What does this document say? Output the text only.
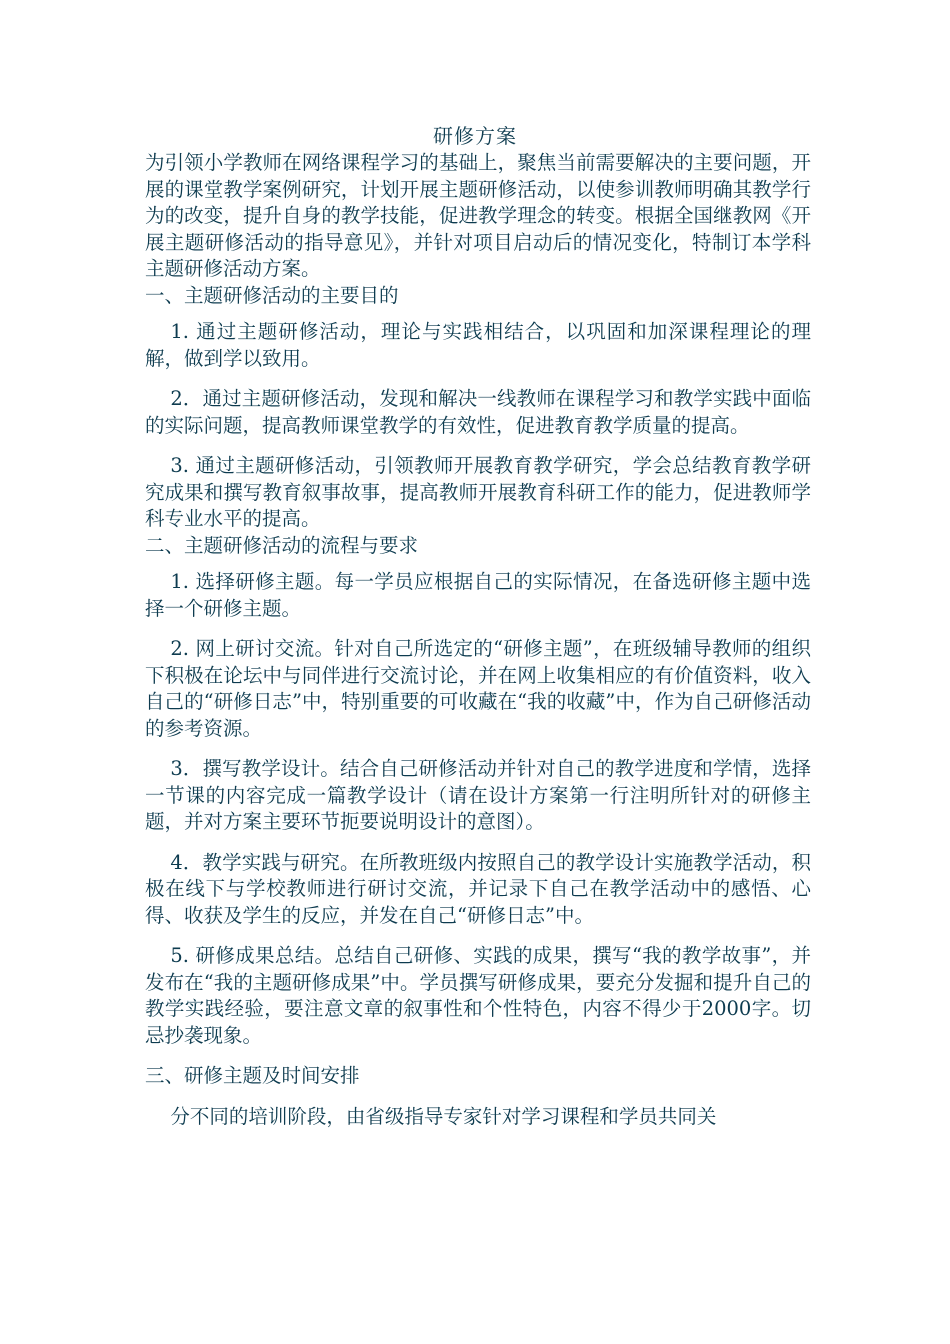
研修方案

为引领小学教师在网络课程学习的基础上，聚焦当前需要解决的主要问题，开展的课堂教学案例研究，计划开展主题研修活动，以使参训教师明确其教学行为的改变，提升自身的教学技能，促进教学理念的转变。根据全国继教网《开展主题研修活动的指导意见》，并针对项目启动后的情况变化，特制订本学科主题研修活动方案。

一、主题研修活动的主要目的

1. 通过主题研修活动，理论与实践相结合，以巩固和加深课程理论的理解，做到学以致用。

2．通过主题研修活动，发现和解决一线教师在课程学习和教学实践中面临的实际问题，提高教师课堂教学的有效性，促进教育教学质量的提高。

3. 通过主题研修活动，引领教师开展教育教学研究，学会总结教育教学研究成果和撰写教育叙事故事，提高教师开展教育科研工作的能力，促进教师学科专业水平的提高。

二、主题研修活动的流程与要求

1. 选择研修主题。每一学员应根据自己的实际情况，在备选研修主题中选择一个研修主题。

2. 网上研讨交流。针对自己所选定的“研修主题”，在班级辅导教师的组织下积极在论坛中与同伴进行交流讨论，并在网上收集相应的有价值资料，收入自己的“研修日志”中，特别重要的可收藏在“我的收藏”中，作为自己研修活动的参考资源。

3．撰写教学设计。结合自己研修活动并针对自己的教学进度和学情，选择一节课的内容完成一篇教学设计（请在设计方案第一行注明所针对的研修主题，并对方案主要环节扼要说明设计的意图）。

4．教学实践与研究。在所教班级内按照自己的教学设计实施教学活动，积极在线下与学校教师进行研讨交流，并记录下自己在教学活动中的感悟、心得、收获及学生的反应，并发在自己“研修日志”中。

5. 研修成果总结。总结自己研修、实践的成果，撰写“我的教学故事”，并发布在“我的主题研修成果”中。学员撰写研修成果，要充分发掘和提升自己的教学实践经验，要注意文章的叙事性和个性特色，内容不得少于2000字。切忌抄袭现象。

三、研修主题及时间安排

分不同的培训阶段，由省级指导专家针对学习课程和学员共同关
